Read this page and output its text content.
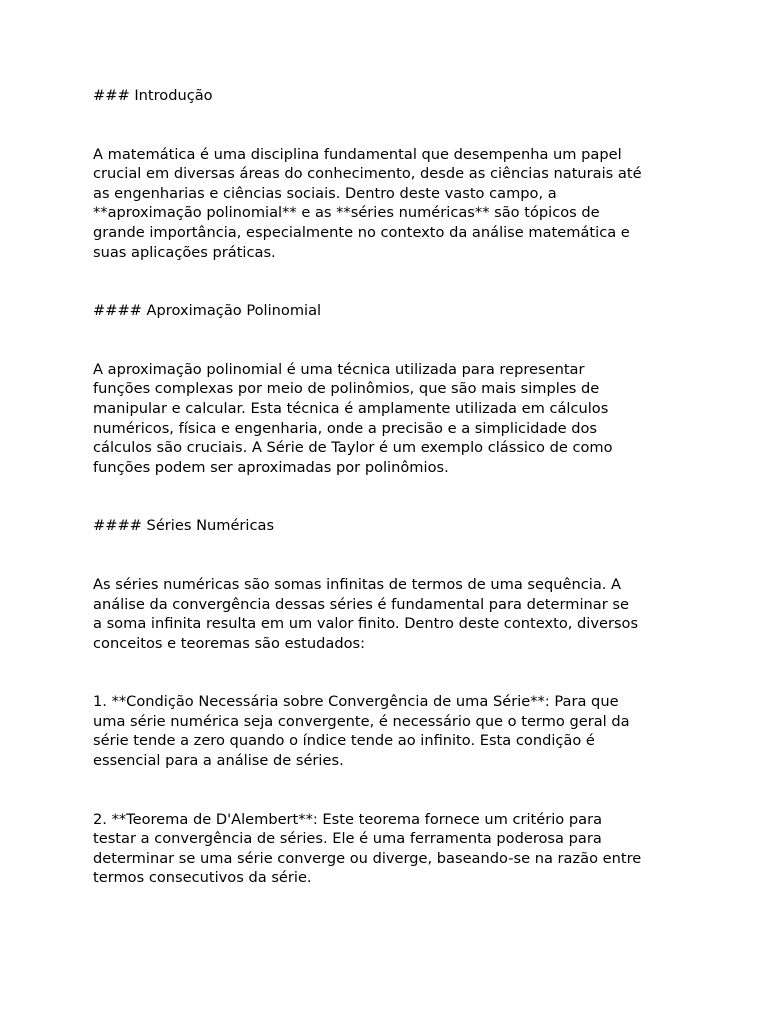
### Introdução

A matemática é uma disciplina fundamental que desempenha um papel
crucial em diversas áreas do conhecimento, desde as ciências naturais até
as engenharias e ciências sociais. Dentro deste vasto campo, a
**aproximação polinomial** e as **séries numéricas** são tópicos de
grande importância, especialmente no contexto da análise matemática e
suas aplicações práticas.

#### Aproximação Polinomial

A aproximação polinomial é uma técnica utilizada para representar
funções complexas por meio de polinômios, que são mais simples de
manipular e calcular. Esta técnica é amplamente utilizada em cálculos
numéricos, física e engenharia, onde a precisão e a simplicidade dos
cálculos são cruciais. A Série de Taylor é um exemplo clássico de como
funções podem ser aproximadas por polinômios.

#### Séries Numéricas

As séries numéricas são somas infinitas de termos de uma sequência. A
análise da convergência dessas séries é fundamental para determinar se
a soma infinita resulta em um valor finito. Dentro deste contexto, diversos
conceitos e teoremas são estudados:

1. **Condição Necessária sobre Convergência de uma Série**: Para que
uma série numérica seja convergente, é necessário que o termo geral da
série tende a zero quando o índice tende ao infinito. Esta condição é
essencial para a análise de séries.

2. **Teorema de D'Alembert**: Este teorema fornece um critério para
testar a convergência de séries. Ele é uma ferramenta poderosa para
determinar se uma série converge ou diverge, baseando-se na razão entre
termos consecutivos da série.
